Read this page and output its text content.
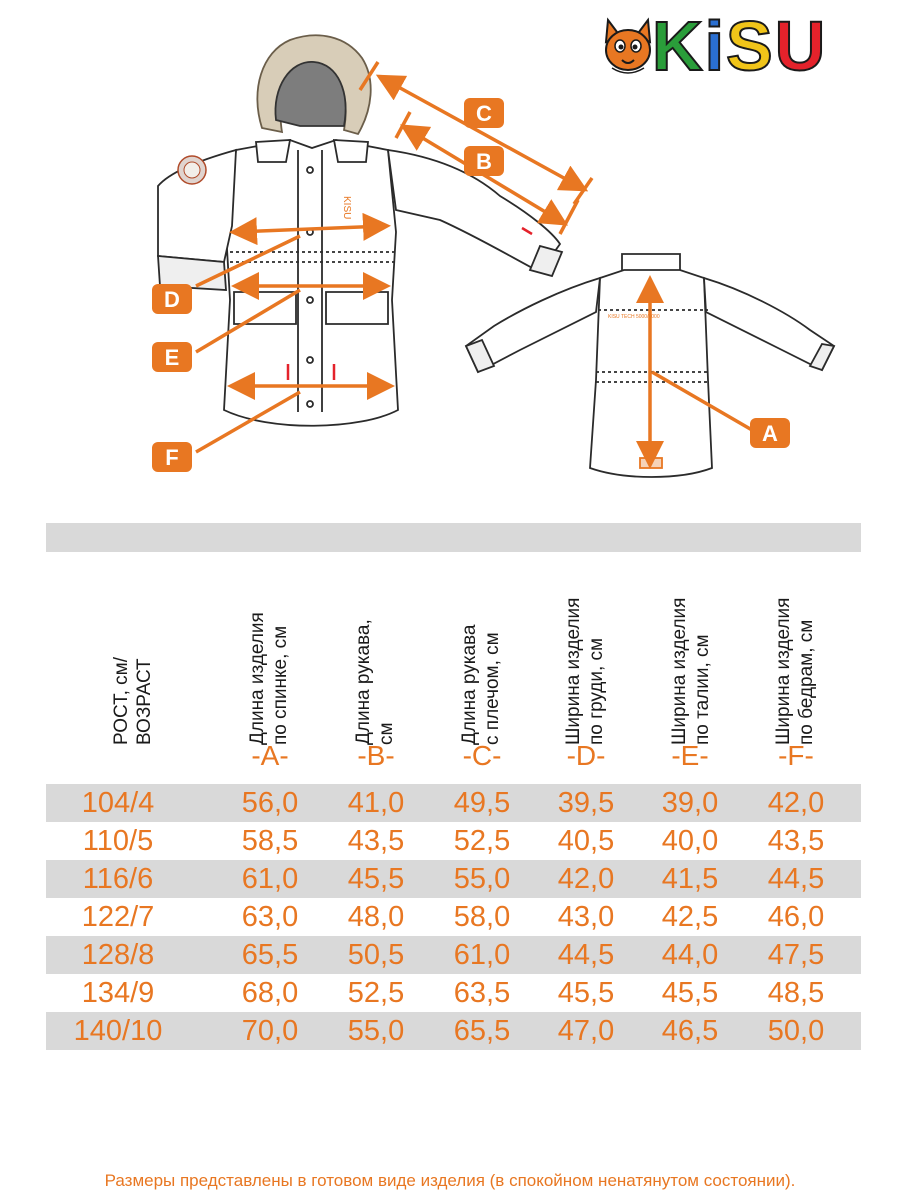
KiSU
KISU
KISU TECH 5000/5000
C
B
D
E
F
A
РОСТ, см/ ВОЗРАСТ	Длина изделия по спинке, см	Длина рукава, см	Длина рукава с плечом, см	Ширина изделия по груди, см	Ширина изделия по талии, см	Ширина изделия по бедрам, см
-A-	-B-	-C-	-D-	-E-	-F-
104/4	56,0	41,0	49,5	39,5	39,0	42,0
110/5	58,5	43,5	52,5	40,5	40,0	43,5
116/6	61,0	45,5	55,0	42,0	41,5	44,5
122/7	63,0	48,0	58,0	43,0	42,5	46,0
128/8	65,5	50,5	61,0	44,5	44,0	47,5
134/9	68,0	52,5	63,5	45,5	45,5	48,5
140/10	70,0	55,0	65,5	47,0	46,5	50,0
Размеры представлены в готовом виде изделия (в спокойном ненатянутом состоянии).
